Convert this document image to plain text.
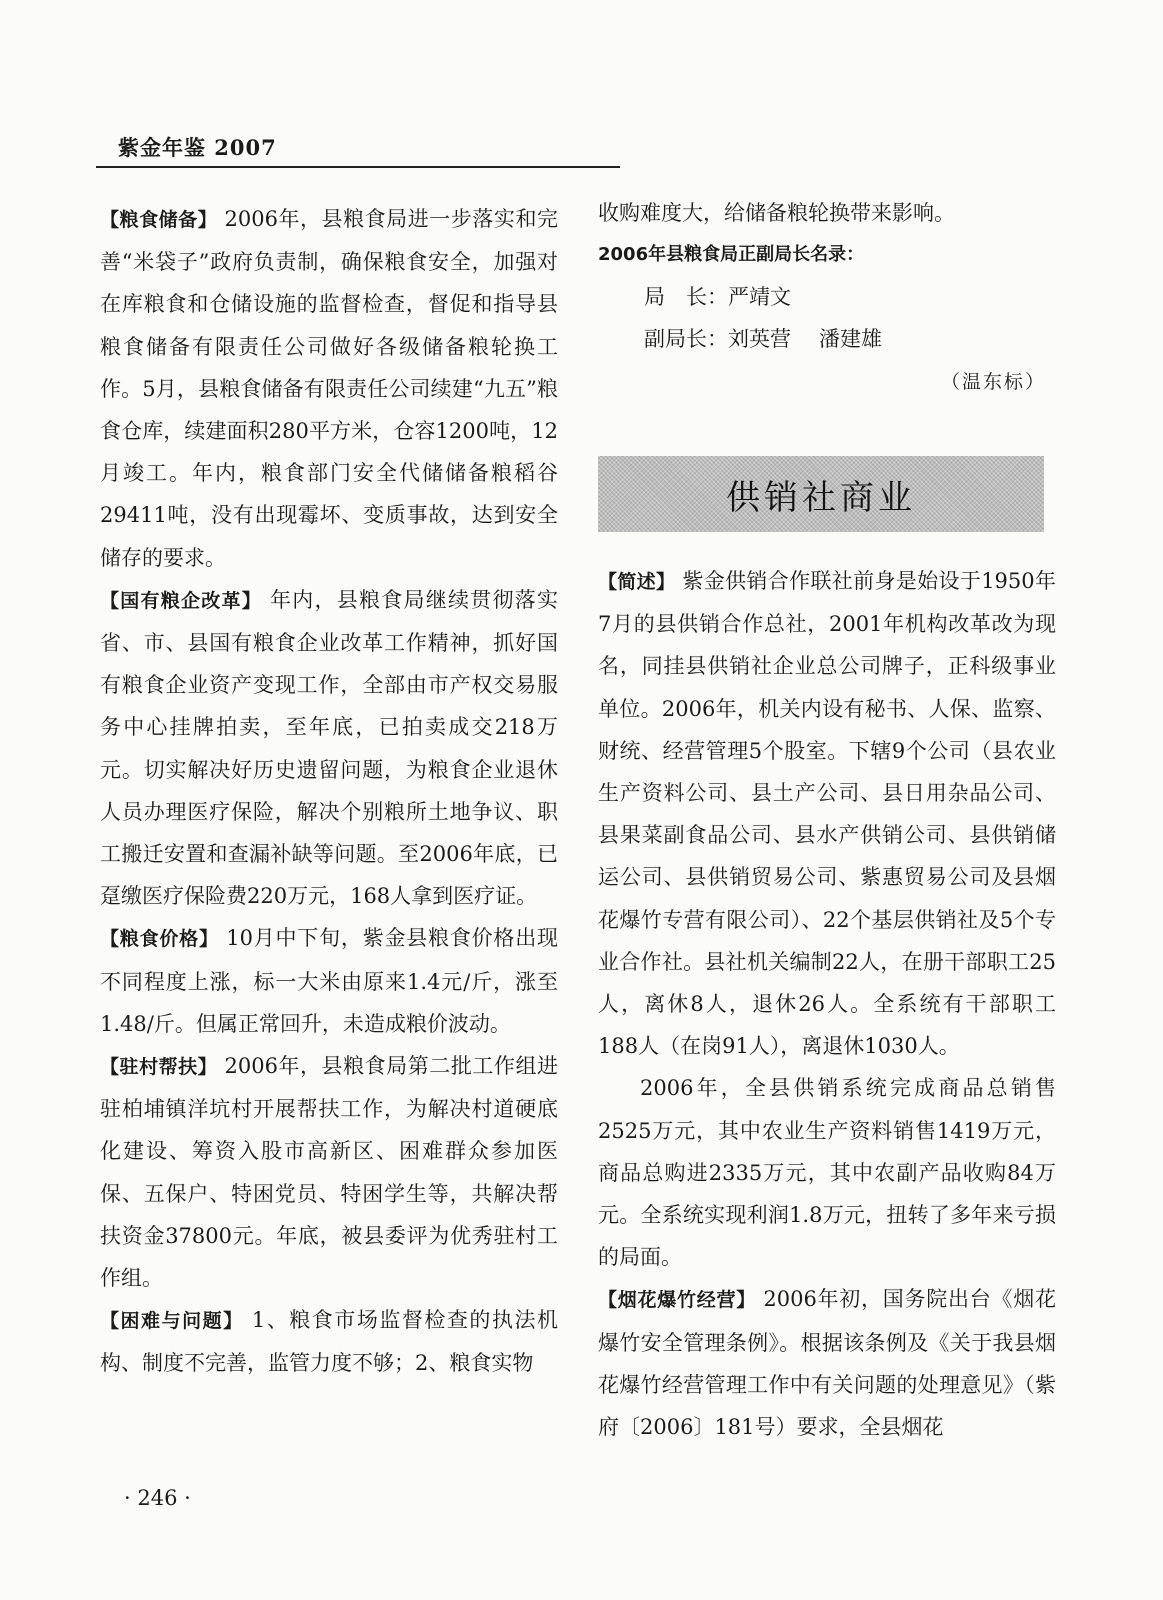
紫金年鉴 2007

【粮食储备】 2006年，县粮食局进一步落实和完善“米袋子”政府负责制，确保粮食安全，加强对在库粮食和仓储设施的监督检查，督促和指导县粮食储备有限责任公司做好各级储备粮轮换工作。5月，县粮食储备有限责任公司续建“九五”粮食仓库，续建面积280平方米，仓容1200吨，12月竣工。年内，粮食部门安全代储储备粮稻谷29411吨，没有出现霉坏、变质事故，达到安全储存的要求。

【国有粮企改革】 年内，县粮食局继续贯彻落实省、市、县国有粮食企业改革工作精神，抓好国有粮食企业资产变现工作，全部由市产权交易服务中心挂牌拍卖，至年底，已拍卖成交218万元。切实解决好历史遗留问题，为粮食企业退休人员办理医疗保险，解决个别粮所土地争议、职工搬迁安置和查漏补缺等问题。至2006年底，已趸缴医疗保险费220万元，168人拿到医疗证。

【粮食价格】 10月中下旬，紫金县粮食价格出现不同程度上涨，标一大米由原来1.4元/斤，涨至1.48/斤。但属正常回升，未造成粮价波动。

【驻村帮扶】 2006年，县粮食局第二批工作组进驻柏埔镇洋坑村开展帮扶工作，为解决村道硬底化建设、筹资入股市高新区、困难群众参加医保、五保户、特困党员、特困学生等，共解决帮扶资金37800元。年底，被县委评为优秀驻村工作组。

【困难与问题】 1、粮食市场监督检查的执法机构、制度不完善，监管力度不够；2、粮食实物

收购难度大，给储备粮轮换带来影响。

2006年县粮食局正副局长名录：

局　长：严靖文

副局长：刘英营 潘建雄

（温东标）

供销社商业

【简述】 紫金供销合作联社前身是始设于1950年7月的县供销合作总社，2001年机构改革改为现名，同挂县供销社企业总公司牌子，正科级事业单位。2006年，机关内设有秘书、人保、监察、财统、经营管理5个股室。下辖9个公司（县农业生产资料公司、县土产公司、县日用杂品公司、县果菜副食品公司、县水产供销公司、县供销储运公司、县供销贸易公司、紫惠贸易公司及县烟花爆竹专营有限公司）、22个基层供销社及5个专业合作社。县社机关编制22人，在册干部职工25人，离休8人，退休26人。全系统有干部职工188人（在岗91人），离退休1030人。

2006年，全县供销系统完成商品总销售2525万元，其中农业生产资料销售1419万元，商品总购进2335万元，其中农副产品收购84万元。全系统实现利润1.8万元，扭转了多年来亏损的局面。

【烟花爆竹经营】 2006年初，国务院出台《烟花爆竹安全管理条例》。根据该条例及《关于我县烟花爆竹经营管理工作中有关问题的处理意见》（紫府〔2006〕181号）要求，全县烟花

· 246 ·
